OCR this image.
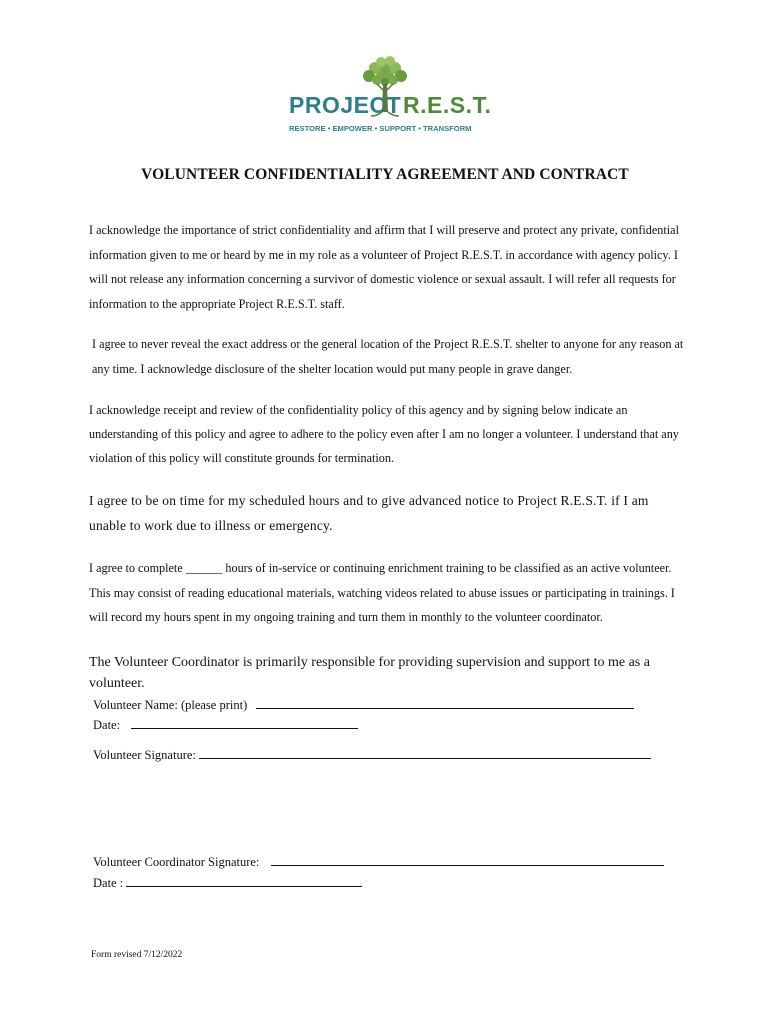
PROJECT R.E.S.T.
RESTORE • EMPOWER • SUPPORT • TRANSFORM
VOLUNTEER CONFIDENTIALITY AGREEMENT AND CONTRACT

I acknowledge the importance of strict confidentiality and affirm that I will preserve and protect any private, confidential information given to me or heard by me in my role as a volunteer of Project R.E.S.T. in accordance with agency policy. I will not release any information concerning a survivor of domestic violence or sexual assault. I will refer all requests for information to the appropriate Project R.E.S.T. staff.

I agree to never reveal the exact address or the general location of the Project R.E.S.T. shelter to anyone for any reason at any time. I acknowledge disclosure of the shelter location would put many people in grave danger.

I acknowledge receipt and review of the confidentiality policy of this agency and by signing below indicate an understanding of this policy and agree to adhere to the policy even after I am no longer a volunteer. I understand that any violation of this policy will constitute grounds for termination.

I agree to be on time for my scheduled hours and to give advanced notice to Project R.E.S.T. if I am unable to work due to illness or emergency.

I agree to complete ______ hours of in-service or continuing enrichment training to be classified as an active volunteer. This may consist of reading educational materials, watching videos related to abuse issues or participating in trainings. I will record my hours spent in my ongoing training and turn them in monthly to the volunteer coordinator.

The Volunteer Coordinator is primarily responsible for providing supervision and support to me as a volunteer.

Volunteer Name: (please print)
Date:
Volunteer Signature:
Volunteer Coordinator Signature:
Date :
Form revised 7/12/2022
